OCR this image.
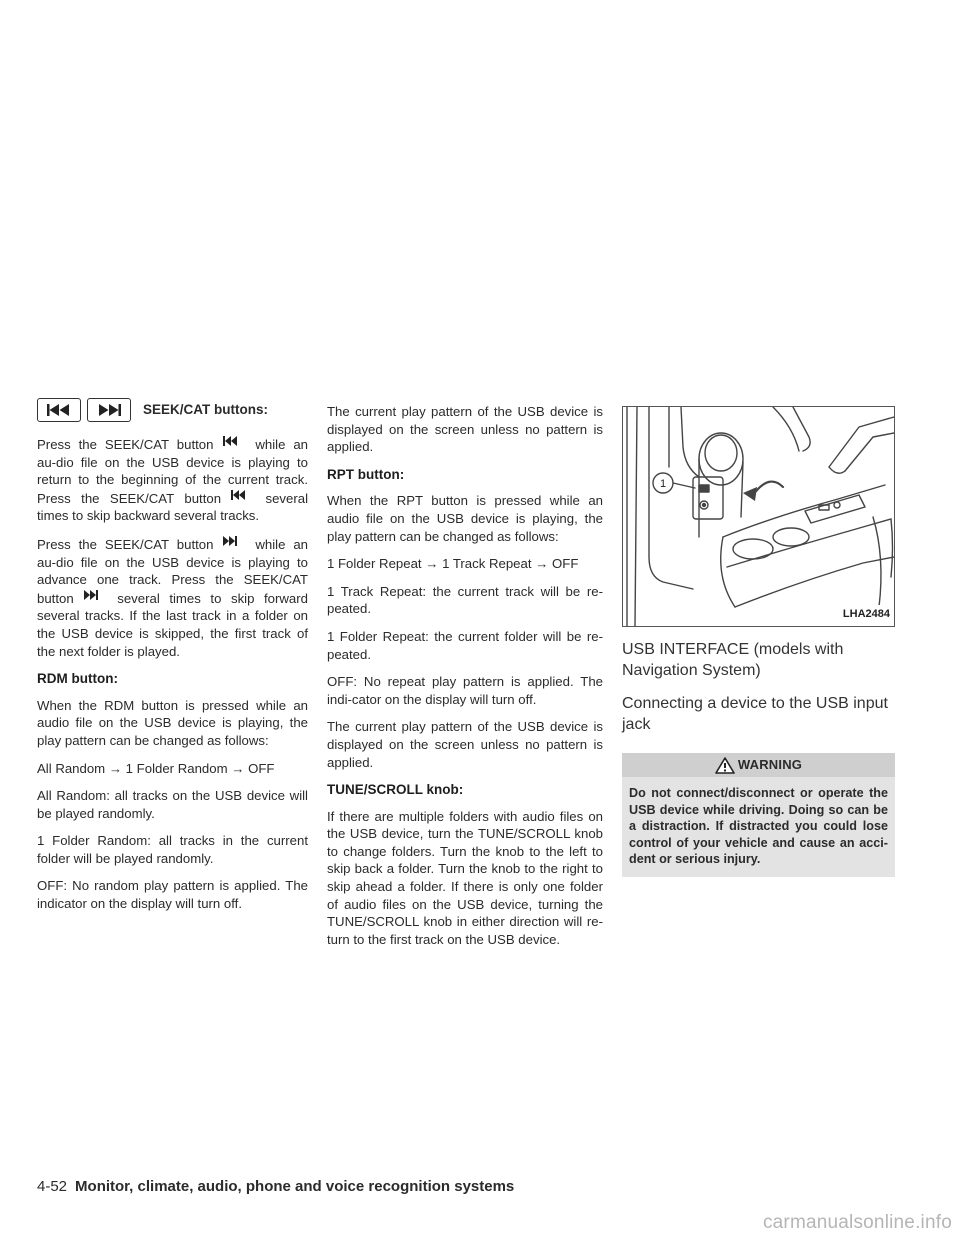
SEEK/CAT buttons:

Press the SEEK/CAT button	while an au-dio file on the USB device is playing to return to the beginning of the current track. Press the SEEK/CAT button	several times to skip backward several tracks.

Press the SEEK/CAT button	while an au-dio file on the USB device is playing to advance one track. Press the SEEK/CAT button	several times to skip forward several tracks. If the last track in a folder on the USB device is skipped, the first track of the next folder is played.

RDM button:

When the RDM button is pressed while an audio file on the USB device is playing, the play pattern can be changed as follows:

All Random → 1 Folder Random → OFF

All Random: all tracks on the USB device will be played randomly.

1 Folder Random: all tracks in the current folder will be played randomly.

OFF: No random play pattern is applied. The indicator on the display will turn off.

The current play pattern of the USB device is displayed on the screen unless no pattern is applied.

RPT button:

When the RPT button is pressed while an audio file on the USB device is playing, the play pattern can be changed as follows:

1 Folder Repeat → 1 Track Repeat → OFF

1 Track Repeat: the current track will be re-peated.

1 Folder Repeat: the current folder will be re-peated.

OFF: No repeat play pattern is applied. The indi-cator on the display will turn off.

The current play pattern of the USB device is displayed on the screen unless no pattern is applied.

TUNE/SCROLL knob:

If there are multiple folders with audio files on the USB device, turn the TUNE/SCROLL knob to change folders. Turn the knob to the left to skip back a folder. Turn the knob to the right to skip ahead a folder. If there is only one folder of audio files on the USB device, turning the TUNE/SCROLL knob in either direction will re-turn to the first track on the USB device.

1
LHA2484
USB INTERFACE (models with Navigation System)
Connecting a device to the USB input jack
WARNING
Do not connect/disconnect or operate the USB device while driving. Doing so can be a distraction. If distracted you could lose control of your vehicle and cause an acci-dent or serious injury.
4-52 Monitor, climate, audio, phone and voice recognition systems
carmanualsonline.info
